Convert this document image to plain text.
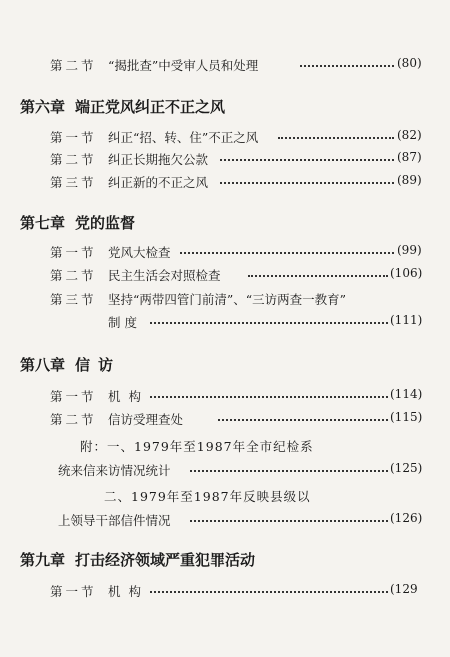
第二节 “揭批查”中受审人员和处理	(80)
第六章 端正党风纠正不正之风
第一节 纠正“招、转、住”不正之风	(82)
第二节 纠正长期拖欠公款	(87)
第三节 纠正新的不正之风	(89)
第七章 党的监督
第一节 党风大检查	(99)
第二节 民主生活会对照检查	(106)
第三节 坚持“两带四管门前清”、“三访两查一教育”
制度	(111)
第八章 信访
第一节 机构	(114)
第二节 信访受理查处	(115)
附：一、1979年至1987年全市纪检系
统来信来访情况统计	(125)
二、1979年至1987年反映县级以
上领导干部信件情况	(126)
第九章 打击经济领域严重犯罪活动
第一节 机构	(129
